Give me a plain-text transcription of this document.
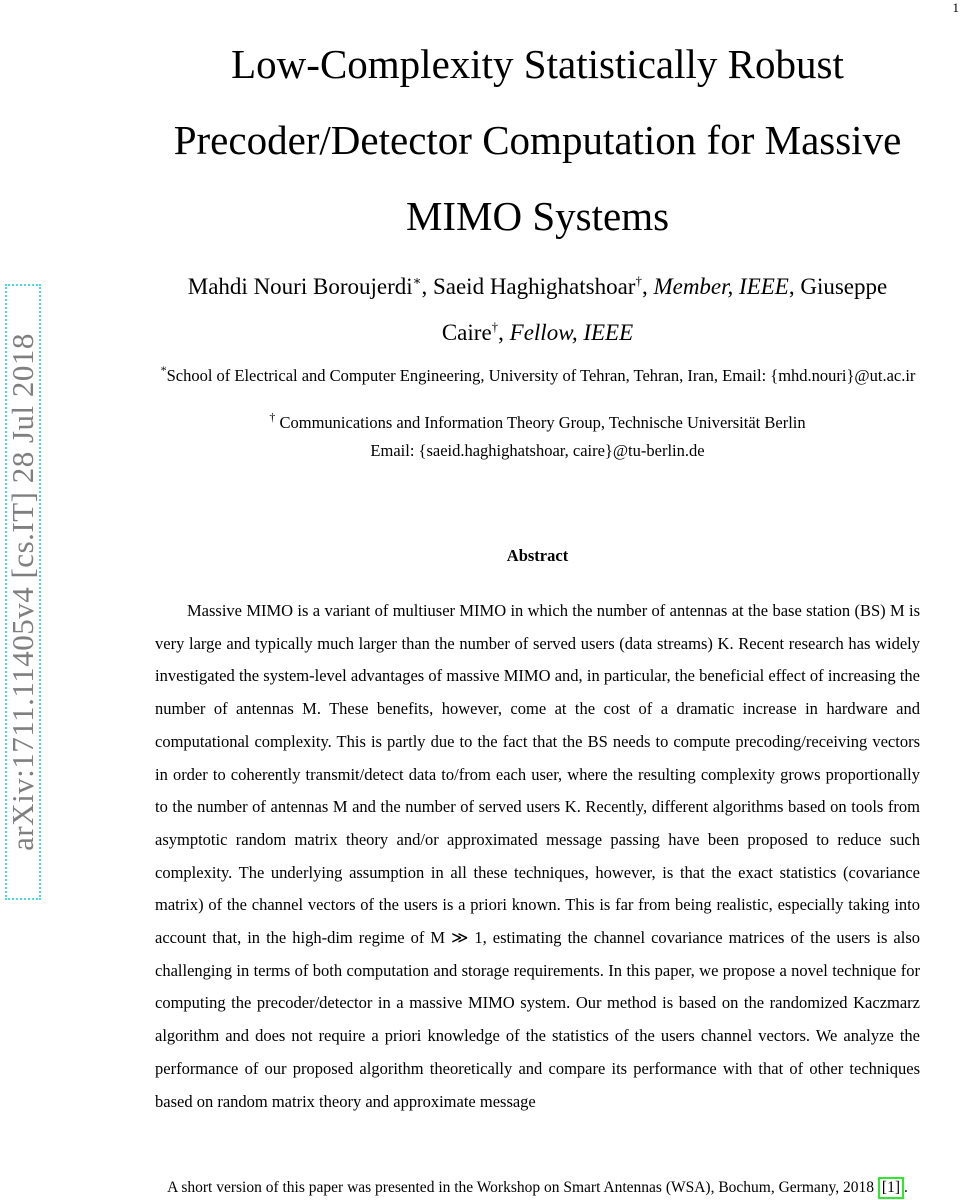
1
arXiv:1711.11405v4 [cs.IT] 28 Jul 2018
Low-Complexity Statistically Robust
Precoder/Detector Computation for Massive
MIMO Systems
Mahdi Nouri Boroujerdi∗, Saeid Haghighatshoar†, Member, IEEE, Giuseppe
Caire†, Fellow, IEEE
*School of Electrical and Computer Engineering, University of Tehran, Tehran, Iran, Email: {mhd.nouri}@ut.ac.ir
† Communications and Information Theory Group, Technische Universität Berlin
Email: {saeid.haghighatshoar, caire}@tu-berlin.de
Abstract

Massive MIMO is a variant of multiuser MIMO in which the number of antennas at the base station (BS) M is very large and typically much larger than the number of served users (data streams) K. Recent research has widely investigated the system-level advantages of massive MIMO and, in particular, the beneficial effect of increasing the number of antennas M. These benefits, however, come at the cost of a dramatic increase in hardware and computational complexity. This is partly due to the fact that the BS needs to compute precoding/receiving vectors in order to coherently transmit/detect data to/from each user, where the resulting complexity grows proportionally to the number of antennas M and the number of served users K. Recently, different algorithms based on tools from asymptotic random matrix theory and/or approximated message passing have been proposed to reduce such complexity. The underlying assumption in all these techniques, however, is that the exact statistics (covariance matrix) of the channel vectors of the users is a priori known. This is far from being realistic, especially taking into account that, in the high-dim regime of M ≫ 1, estimating the channel covariance matrices of the users is also challenging in terms of both computation and storage requirements. In this paper, we propose a novel technique for computing the precoder/detector in a massive MIMO system. Our method is based on the randomized Kaczmarz algorithm and does not require a priori knowledge of the statistics of the users channel vectors. We analyze the performance of our proposed algorithm theoretically and compare its performance with that of other techniques based on random matrix theory and approximate message

A short version of this paper was presented in the Workshop on Smart Antennas (WSA), Bochum, Germany, 2018 [1] .
